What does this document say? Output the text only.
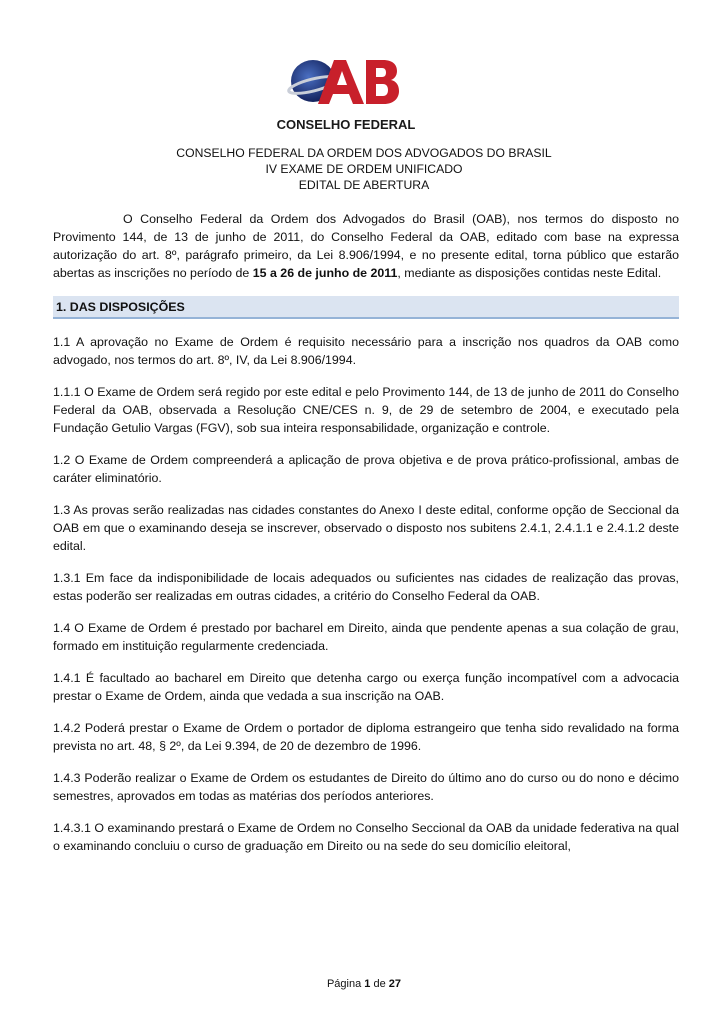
CONSELHO FEDERAL
CONSELHO FEDERAL DA ORDEM DOS ADVOGADOS DO BRASIL
IV EXAME DE ORDEM UNIFICADO
EDITAL DE ABERTURA

O Conselho Federal da Ordem dos Advogados do Brasil (OAB), nos termos do disposto no Provimento 144, de 13 de junho de 2011, do Conselho Federal da OAB, editado com base na expressa autorização do art. 8º, parágrafo primeiro, da Lei 8.906/1994, e no presente edital, torna público que estarão abertas as inscrições no período de 15 a 26 de junho de 2011, mediante as disposições contidas neste Edital.

1. DAS DISPOSIÇÕES

1.1 A aprovação no Exame de Ordem é requisito necessário para a inscrição nos quadros da OAB como advogado, nos termos do art. 8º, IV, da Lei 8.906/1994.

1.1.1 O Exame de Ordem será regido por este edital e pelo Provimento 144, de 13 de junho de 2011 do Conselho Federal da OAB, observada a Resolução CNE/CES n. 9, de 29 de setembro de 2004, e executado pela Fundação Getulio Vargas (FGV), sob sua inteira responsabilidade, organização e controle.

1.2 O Exame de Ordem compreenderá a aplicação de prova objetiva e de prova prático-profissional, ambas de caráter eliminatório.

1.3 As provas serão realizadas nas cidades constantes do Anexo I deste edital, conforme opção de Seccional da OAB em que o examinando deseja se inscrever, observado o disposto nos subitens 2.4.1, 2.4.1.1 e 2.4.1.2 deste edital.

1.3.1 Em face da indisponibilidade de locais adequados ou suficientes nas cidades de realização das provas, estas poderão ser realizadas em outras cidades, a critério do Conselho Federal da OAB.

1.4 O Exame de Ordem é prestado por bacharel em Direito, ainda que pendente apenas a sua colação de grau, formado em instituição regularmente credenciada.

1.4.1 É facultado ao bacharel em Direito que detenha cargo ou exerça função incompatível com a advocacia prestar o Exame de Ordem, ainda que vedada a sua inscrição na OAB.

1.4.2 Poderá prestar o Exame de Ordem o portador de diploma estrangeiro que tenha sido revalidado na forma prevista no art. 48, § 2º, da Lei 9.394, de 20 de dezembro de 1996.

1.4.3 Poderão realizar o Exame de Ordem os estudantes de Direito do último ano do curso ou do nono e décimo semestres, aprovados em todas as matérias dos períodos anteriores.

1.4.3.1 O examinando prestará o Exame de Ordem no Conselho Seccional da OAB da unidade federativa na qual o examinando concluiu o curso de graduação em Direito ou na sede do seu domicílio eleitoral,

Página 1 de 27
